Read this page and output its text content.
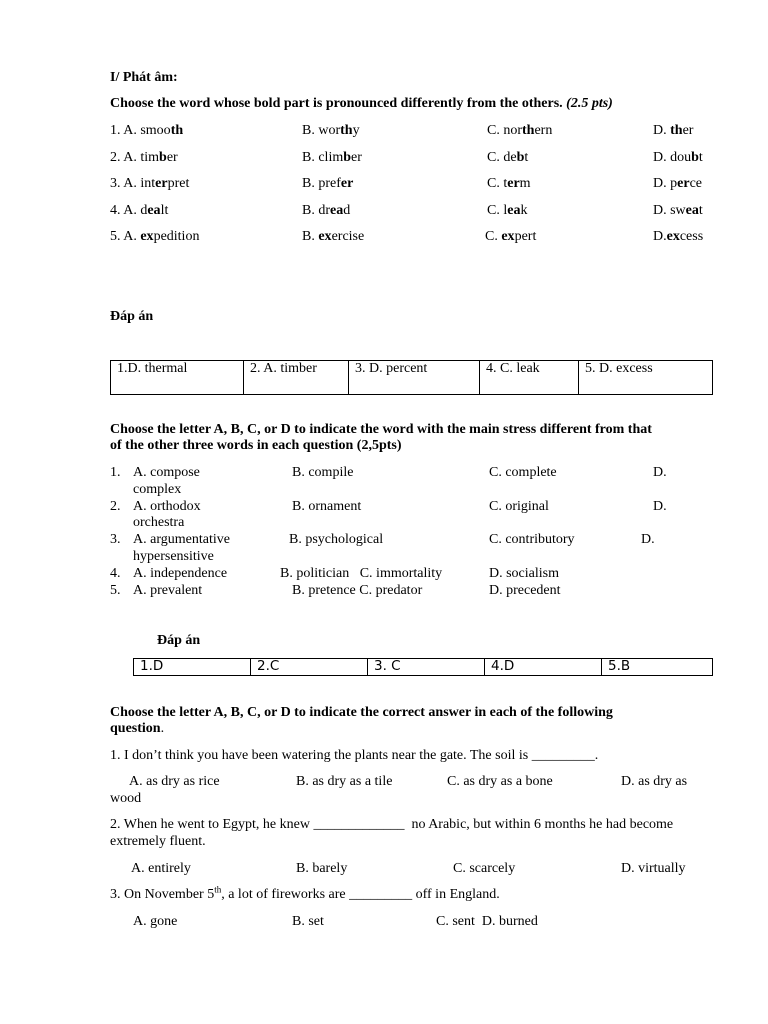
I/ Phát âm:
Choose the word whose bold part is pronounced differently from the others. (2.5 pts)
1. A. smooth	B. worthy	C. northern	D. ther
2. A. timber	B. climber	C. debt	D. doubt
3. A. interpret	B. prefer	C. term	D. perce
4. A. dealt	B. dread	C. leak	D. sweat
5. A. expedition	B. exercise	C. expert	D.excess
Đáp án
1.D. thermal	2. A. timber	3. D. percent	4. C. leak	5. D. excess
Choose the letter A, B, C, or D to indicate the word with the main stress different from that
of the other three words in each question (2,5pts)
1. A. compose	B. compile	C. complete	D.
complex
2. A. orthodox	B. ornament	C. original	D.
orchestra
3. A. argumentative	B. psychological	C. contributory	D.
hypersensitive
4. A. independence	B. politician   C. immortality	D. socialism
5. A. prevalent	B. pretence C. predator	D. precedent
Đáp án
1.D	2.C	3. C	4.D	5.B
Choose the letter A, B, C, or D to indicate the correct answer in each of the following
question.
1. I don’t think you have been watering the plants near the gate. The soil is _________.
A. as dry as rice	B. as dry as a tile	C. as dry as a bone	D. as dry as
wood
2. When he went to Egypt, he knew _____________  no Arabic, but within 6 months he had become
extremely fluent.
A. entirely	B. barely	C. scarcely	D. virtually
3. On November 5th, a lot of fireworks are _________ off in England.
A. gone	B. set	C. sent  D. burned
